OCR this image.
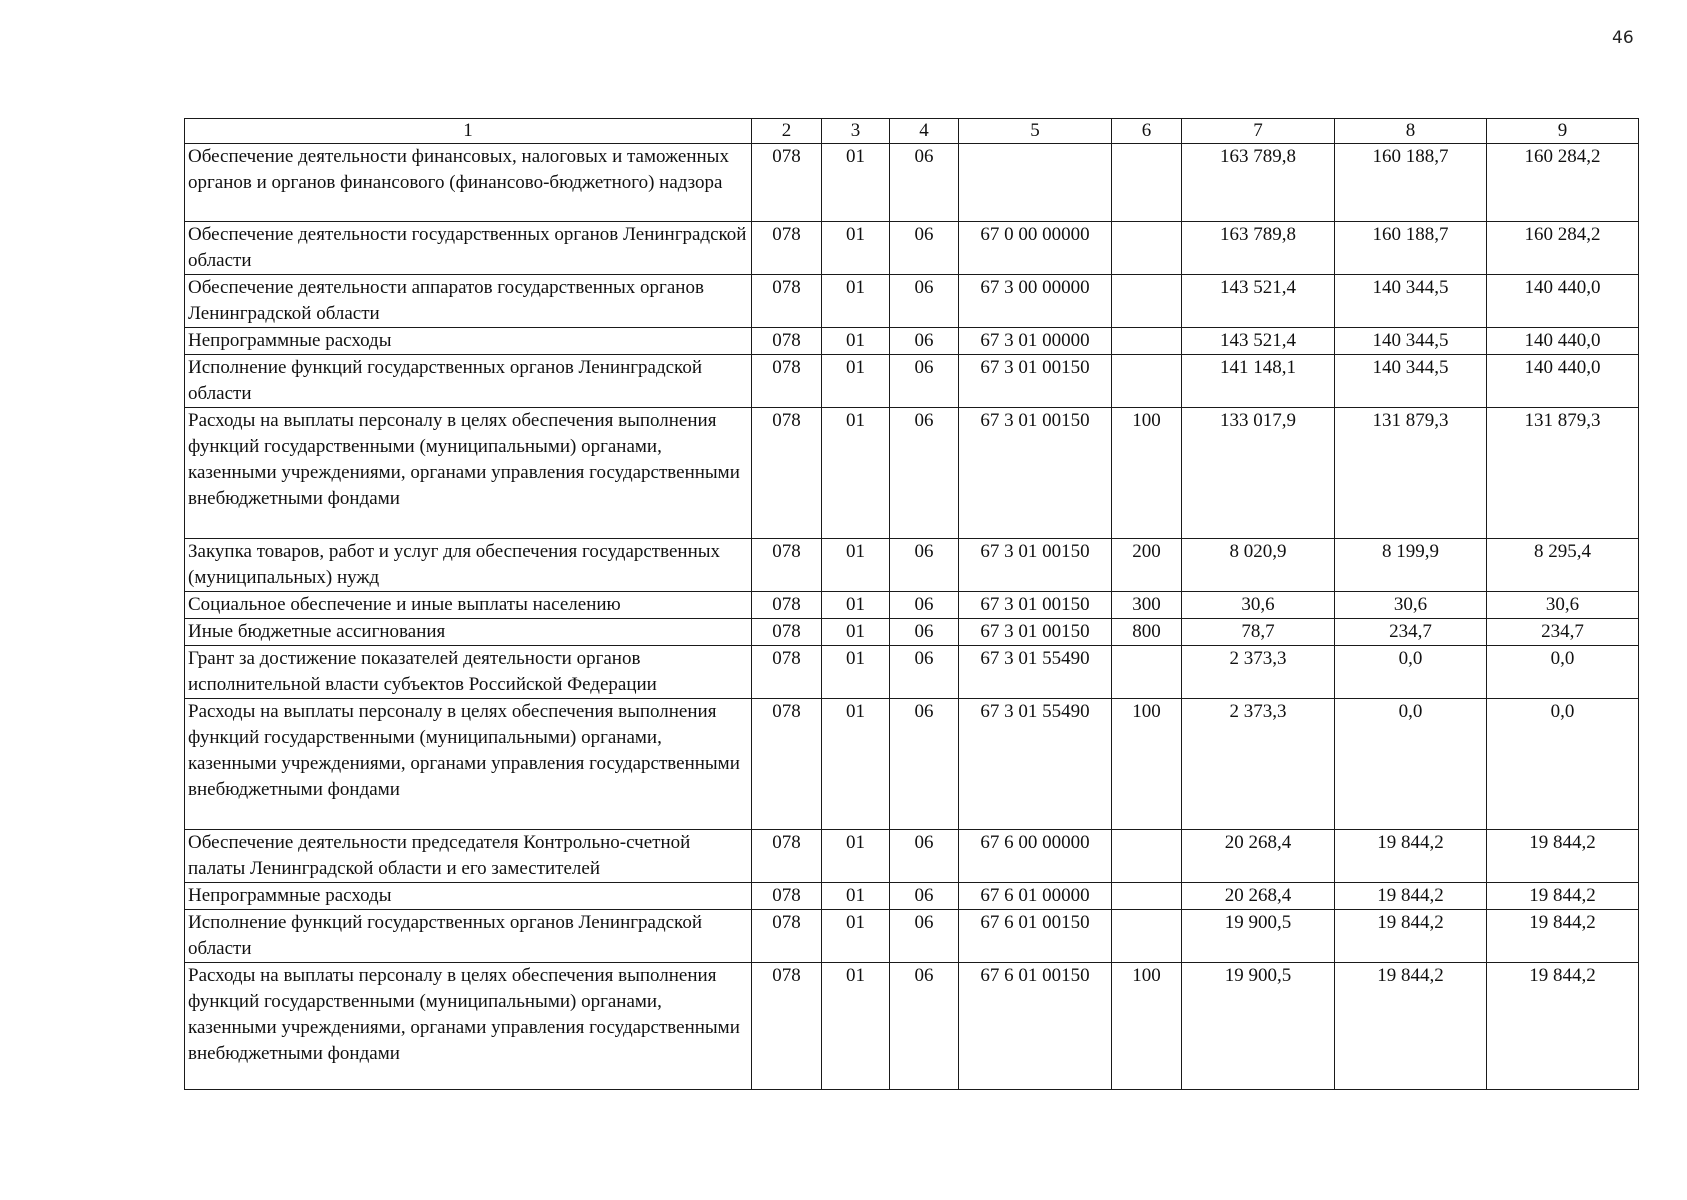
46
1	2	3	4	5	6	7	8	9
Обеспечение деятельности финансовых, налоговых и таможенных органов и органов финансового (финансово-бюджетного) надзора	078	01	06			163 789,8	160 188,7	160 284,2
Обеспечение деятельности государственных органов Ленинградской области	078	01	06	67 0 00 00000		163 789,8	160 188,7	160 284,2
Обеспечение деятельности аппаратов государственных органов Ленинградской области	078	01	06	67 3 00 00000		143 521,4	140 344,5	140 440,0
Непрограммные расходы	078	01	06	67 3 01 00000		143 521,4	140 344,5	140 440,0
Исполнение функций государственных органов Ленинградской области	078	01	06	67 3 01 00150		141 148,1	140 344,5	140 440,0
Расходы на выплаты персоналу в целях обеспечения выполнения функций государственными (муниципальными) органами, казенными учреждениями, органами управления государственными внебюджетными фондами	078	01	06	67 3 01 00150	100	133 017,9	131 879,3	131 879,3
Закупка товаров, работ и услуг для обеспечения государственных (муниципальных) нужд	078	01	06	67 3 01 00150	200	8 020,9	8 199,9	8 295,4
Социальное обеспечение и иные выплаты населению	078	01	06	67 3 01 00150	300	30,6	30,6	30,6
Иные бюджетные ассигнования	078	01	06	67 3 01 00150	800	78,7	234,7	234,7
Грант за достижение показателей деятельности органов исполнительной власти субъектов Российской Федерации	078	01	06	67 3 01 55490		2 373,3	0,0	0,0
Расходы на выплаты персоналу в целях обеспечения выполнения функций государственными (муниципальными) органами, казенными учреждениями, органами управления государственными внебюджетными фондами	078	01	06	67 3 01 55490	100	2 373,3	0,0	0,0
Обеспечение деятельности председателя Контрольно-счетной палаты Ленинградской области и его заместителей	078	01	06	67 6 00 00000		20 268,4	19 844,2	19 844,2
Непрограммные расходы	078	01	06	67 6 01 00000		20 268,4	19 844,2	19 844,2
Исполнение функций государственных органов Ленинградской области	078	01	06	67 6 01 00150		19 900,5	19 844,2	19 844,2
Расходы на выплаты персоналу в целях обеспечения выполнения функций государственными (муниципальными) органами, казенными учреждениями, органами управления государственными внебюджетными фондами	078	01	06	67 6 01 00150	100	19 900,5	19 844,2	19 844,2
